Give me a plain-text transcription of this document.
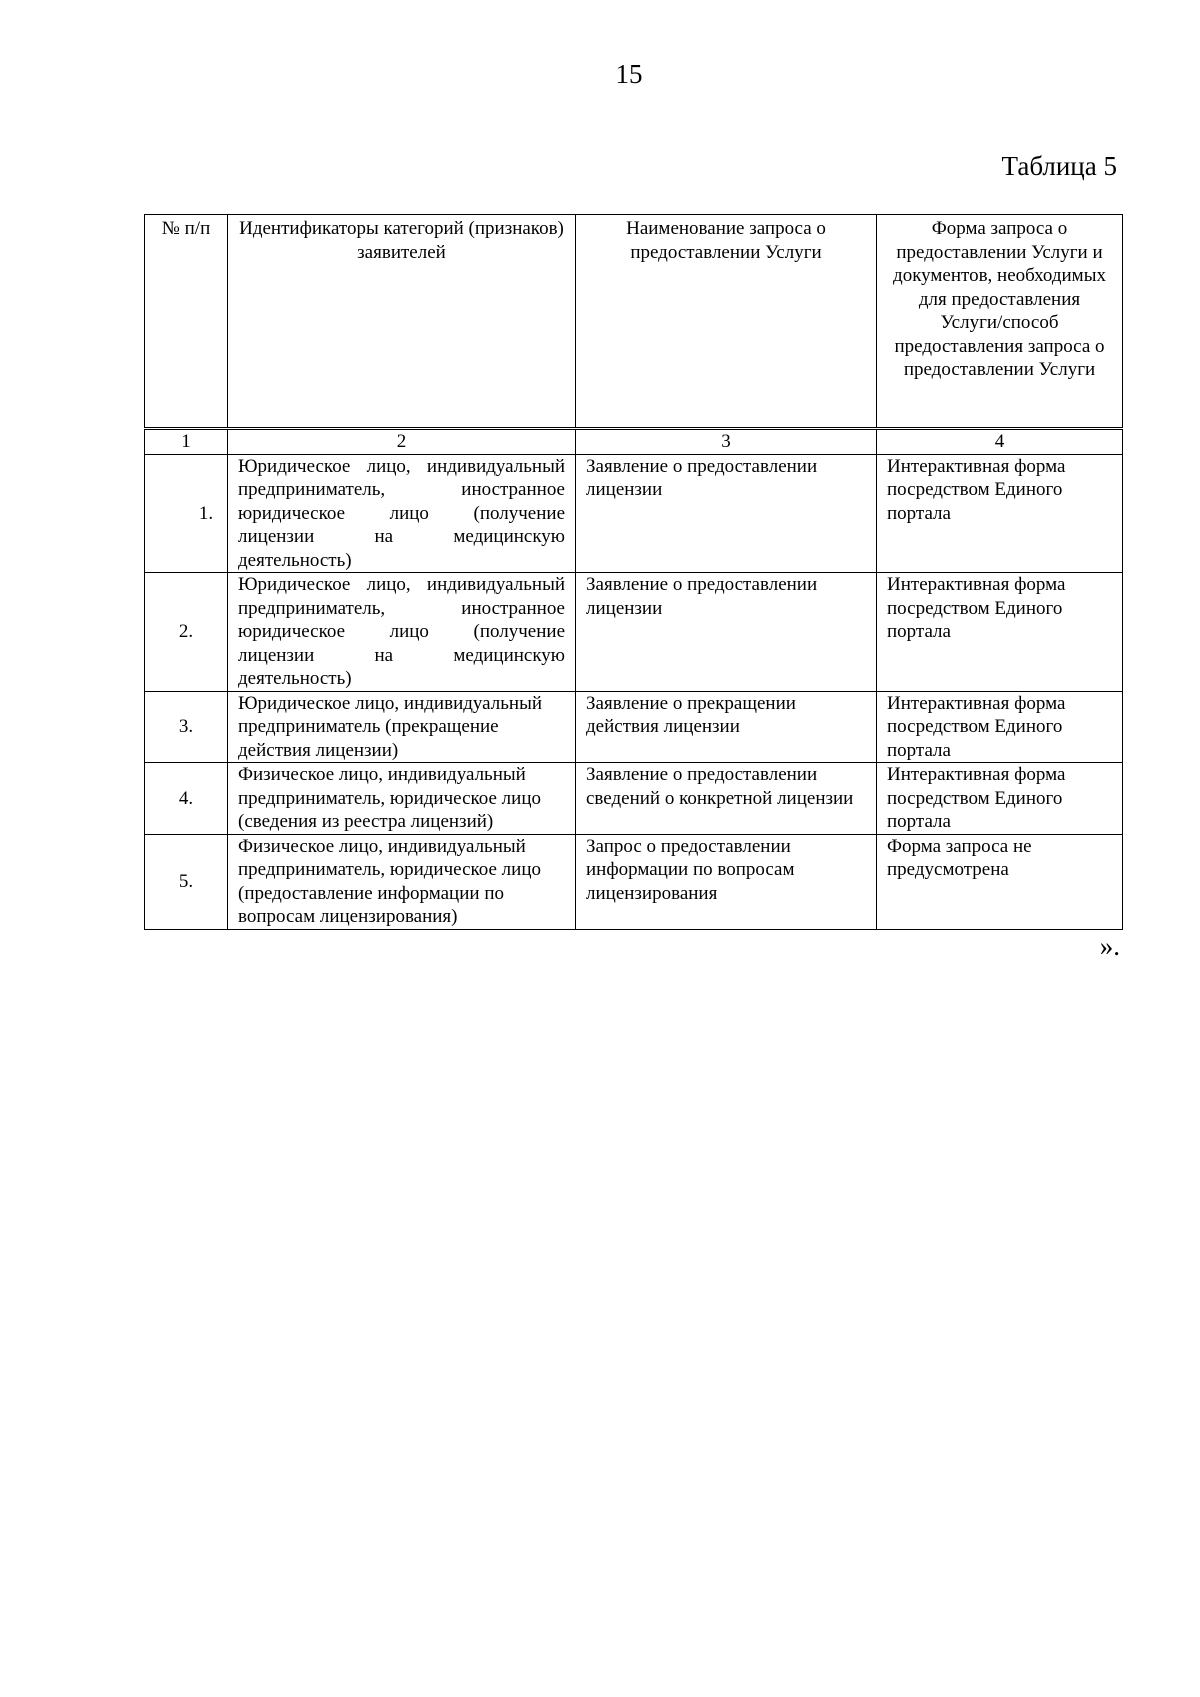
15
Таблица 5
№ п/п	Идентификаторы категорий (признаков) заявителей	Наименование запроса о предоставлении Услуги	Форма запроса о предоставлении Услуги и документов, необходимых для предоставления Услуги/способ предоставления запроса о предоставлении Услуги
1	2	3	4
1.	Юридическое лицо, индивидуальный предприниматель, иностранное юридическое лицо (получение лицензии на медицинскую деятельность)	Заявление о предоставлении лицензии	Интерактивная форма посредством Единого портала
2.	Юридическое лицо, индивидуальный предприниматель, иностранное юридическое лицо (получение лицензии на медицинскую деятельность)	Заявление о предоставлении лицензии	Интерактивная форма посредством Единого портала
3.	Юридическое лицо, индивидуальный предприниматель (прекращение действия лицензии)	Заявление о прекращении действия лицензии	Интерактивная форма посредством Единого портала
4.	Физическое лицо, индивидуальный предприниматель, юридическое лицо (сведения из реестра лицензий)	Заявление о предоставлении сведений о конкретной лицензии	Интерактивная форма посредством Единого портала
5.	Физическое лицо, индивидуальный предприниматель, юридическое лицо (предоставление информации по вопросам лицензирования)	Запрос о предоставлении информации по вопросам лицензирования	Форма запроса не предусмотрена
».
